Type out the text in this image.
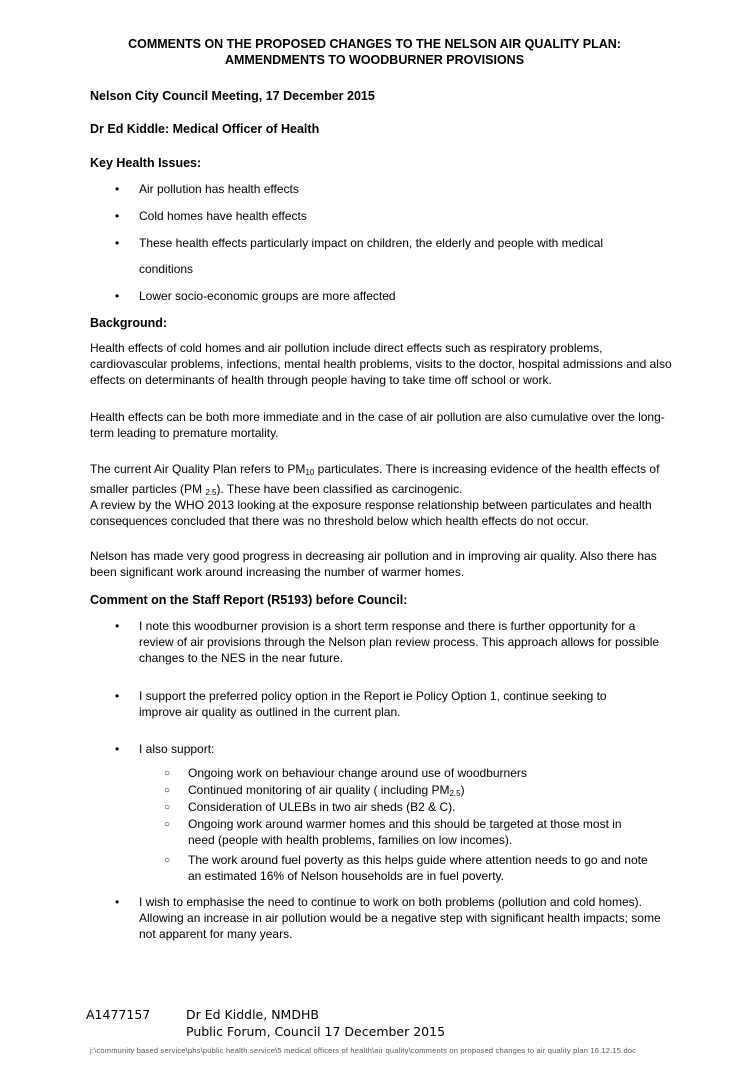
COMMENTS ON THE PROPOSED CHANGES TO THE NELSON AIR QUALITY PLAN:
AMMENDMENTS TO WOODBURNER PROVISIONS
Nelson City Council Meeting, 17 December 2015
Dr Ed Kiddle: Medical Officer of Health
Key Health Issues:
• Air pollution has health effects
• Cold homes have health effects
• These health effects particularly impact on children, the elderly and people with medical conditions
• Lower socio-economic groups are more affected
Background:
Health effects of cold homes and air pollution include direct effects such as respiratory problems, cardiovascular problems, infections, mental health problems, visits to the doctor, hospital admissions and also effects on determinants of health through people having to take time off school or work.
Health effects can be both more immediate and in the case of air pollution are also cumulative over the long-term leading to premature mortality.
The current Air Quality Plan refers to $PM_{10}$ particulates. There is increasing evidence of the health effects of smaller particles (PM $_{2.5}$). These have been classified as carcinogenic.
A review by the WHO 2013 looking at the exposure response relationship between particulates and health consequences concluded that there was no threshold below which health effects do not occur.
Nelson has made very good progress in decreasing air pollution and in improving air quality. Also there has been significant work around increasing the number of warmer homes.
Comment on the Staff Report (R5193) before Council:
• I note this woodburner provision is a short term response and there is further opportunity for a review of air provisions through the Nelson plan review process. This approach allows for possible changes to the NES in the near future.
• I support the preferred policy option in the Report ie Policy Option 1, continue seeking to improve air quality as outlined in the current plan.
• I also support:
○ Ongoing work on behaviour change around use of woodburners
○ Continued monitoring of air quality ( including $PM_{2.5}$)
○ Consideration of ULEBs in two air sheds (B2 & C).
○ Ongoing work around warmer homes and this should be targeted at those most in need (people with health problems, families on low incomes).
○ The work around fuel poverty as this helps guide where attention needs to go and note an estimated 16% of Nelson households are in fuel poverty.
• I wish to emphasise the need to continue to work on both problems (pollution and cold homes). Allowing an increase in air pollution would be a negative step with significant health impacts; some not apparent for many years.
A1477157	Dr Ed Kiddle, NMDHB
Public Forum, Council 17 December 2015
j:\community based service\phs\public health service\5 medical officers of health\air quality\comments on proposed changes to air quality plan 16.12.15.doc
